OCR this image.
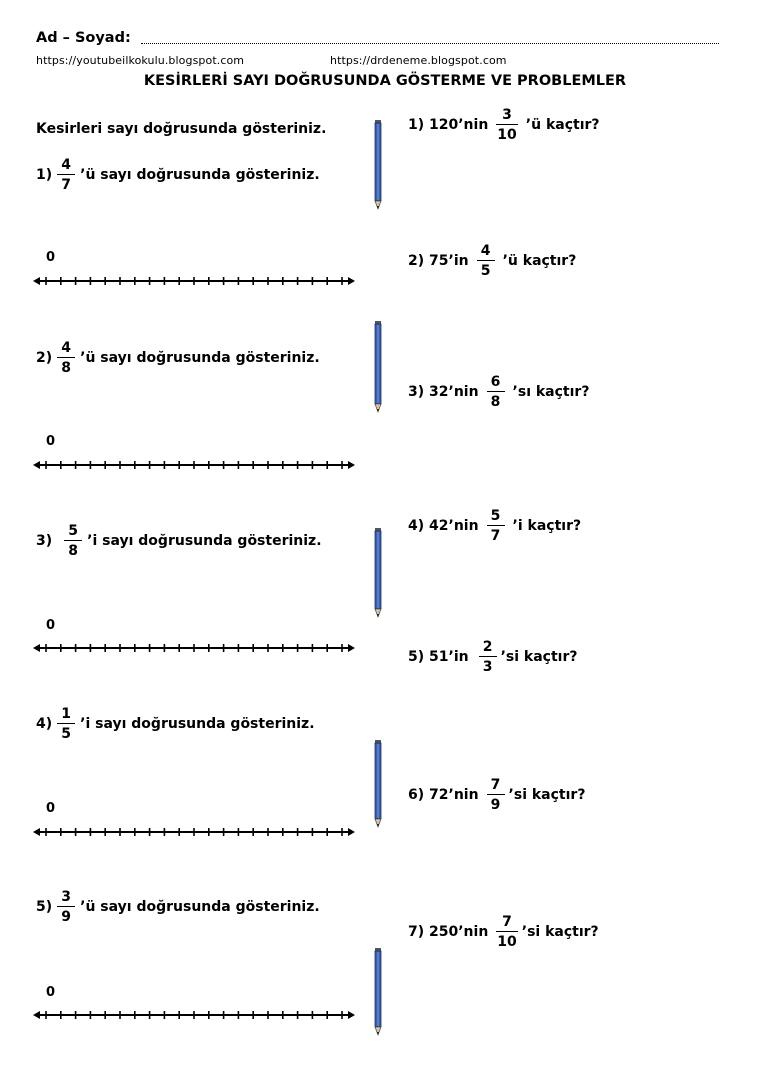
Ad – Soyad:
https://youtubeilkokulu.blogspot.com	https://drdeneme.blogspot.com
KESİRLERİ SAYI DOĞRUSUNDA GÖSTERME VE PROBLEMLER
Kesirleri sayı doğrusunda gösteriniz.
$1) \frac{4}{7}$ ’ü sayı doğrusunda gösteriniz.
$2) \frac{4}{8}$ ’ü sayı doğrusunda gösteriniz.
$3) \frac{5}{8}$ ’i sayı doğrusunda gösteriniz.
$4) \frac{1}{5}$ ’i sayı doğrusunda gösteriniz.
$5) \frac{3}{9}$ ’ü sayı doğrusunda gösteriniz.
0
0
0
0
0
1) 120’nin $\frac{3}{10}$ ’ü kaçtır?
2) 75’in $\frac{4}{5}$ ’ü kaçtır?
3) 32’nin $\frac{6}{8}$ ’sı kaçtır?
4) 42’nin $\frac{5}{7}$ ’i kaçtır?
5) 51’in $\frac{2}{3}$ ’si kaçtır?
6) 72’nin $\frac{7}{9}$ ’si kaçtır?
7) 250’nin $\frac{7}{10}$ ’si kaçtır?
